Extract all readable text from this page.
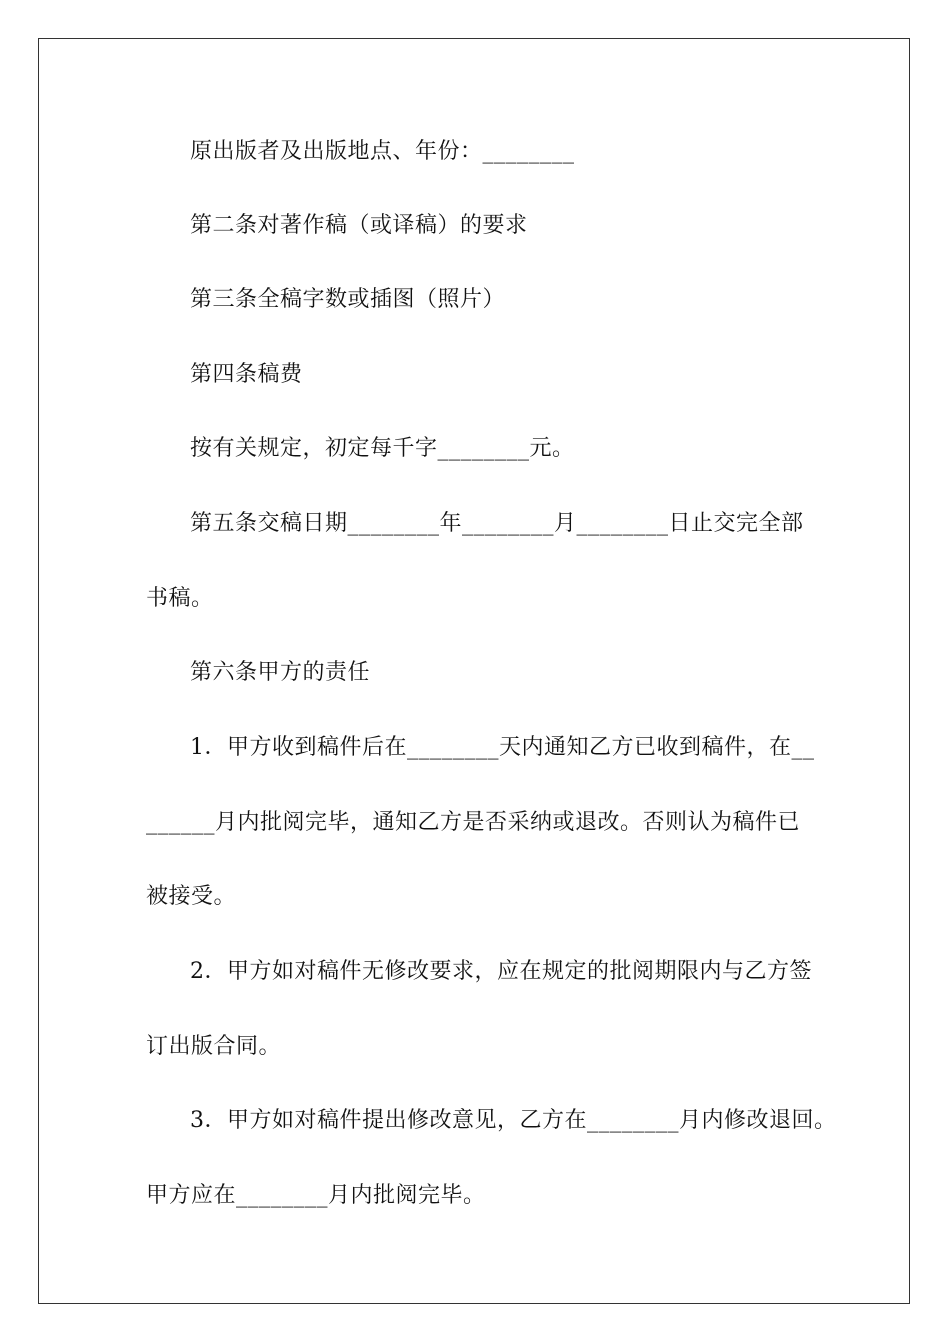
原出版者及出版地点、年份：________
第二条对著作稿（或译稿）的要求
第三条全稿字数或插图（照片）
第四条稿费
按有关规定，初定每千字________元。
第五条交稿日期________年________月________日止交完全部
书稿。
第六条甲方的责任
1．甲方收到稿件后在________天内通知乙方已收到稿件，在__
______月内批阅完毕，通知乙方是否采纳或退改。否则认为稿件已
被接受。
2．甲方如对稿件无修改要求，应在规定的批阅期限内与乙方签
订出版合同。
3．甲方如对稿件提出修改意见，乙方在________月内修改退回。
甲方应在________月内批阅完毕。
